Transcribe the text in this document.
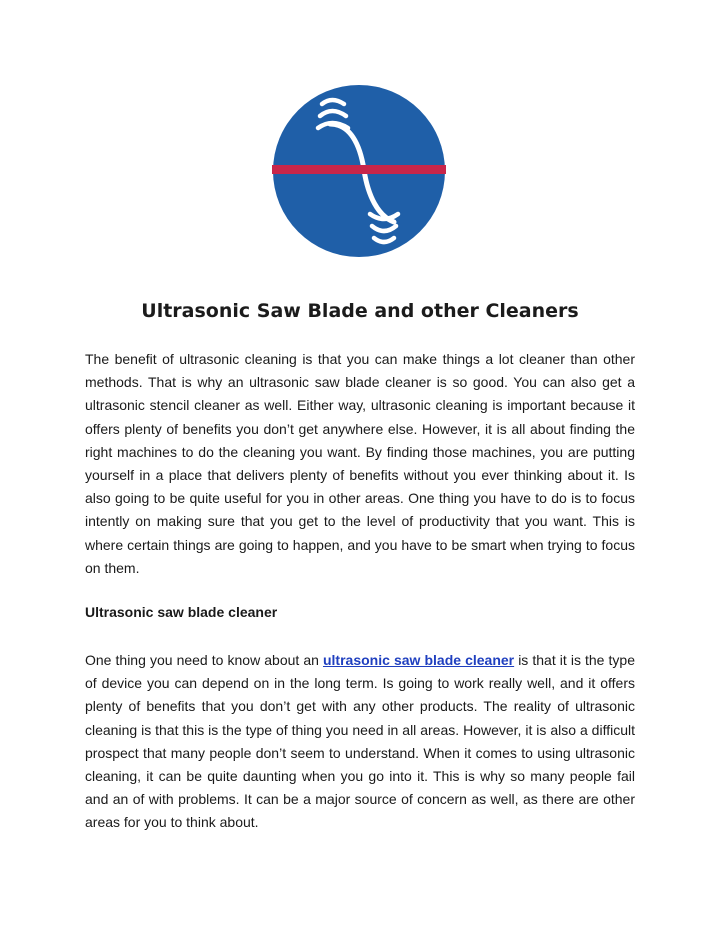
Ultrasonic Saw Blade and other Cleaners
The benefit of ultrasonic cleaning is that you can make things a lot cleaner than other methods. That is why an ultrasonic saw blade cleaner is so good. You can also get a ultrasonic stencil cleaner as well. Either way, ultrasonic cleaning is important because it offers plenty of benefits you don’t get anywhere else. However, it is all about finding the right machines to do the cleaning you want. By finding those machines, you are putting yourself in a place that delivers plenty of benefits without you ever thinking about it. Is also going to be quite useful for you in other areas. One thing you have to do is to focus intently on making sure that you get to the level of productivity that you want. This is where certain things are going to happen, and you have to be smart when trying to focus on them.
Ultrasonic saw blade cleaner
One thing you need to know about an ultrasonic saw blade cleaner is that it is the type of device you can depend on in the long term. Is going to work really well, and it offers plenty of benefits that you don’t get with any other products. The reality of ultrasonic cleaning is that this is the type of thing you need in all areas. However, it is also a difficult prospect that many people don’t seem to understand. When it comes to using ultrasonic cleaning, it can be quite daunting when you go into it. This is why so many people fail and an of with problems. It can be a major source of concern as well, as there are other areas for you to think about.
